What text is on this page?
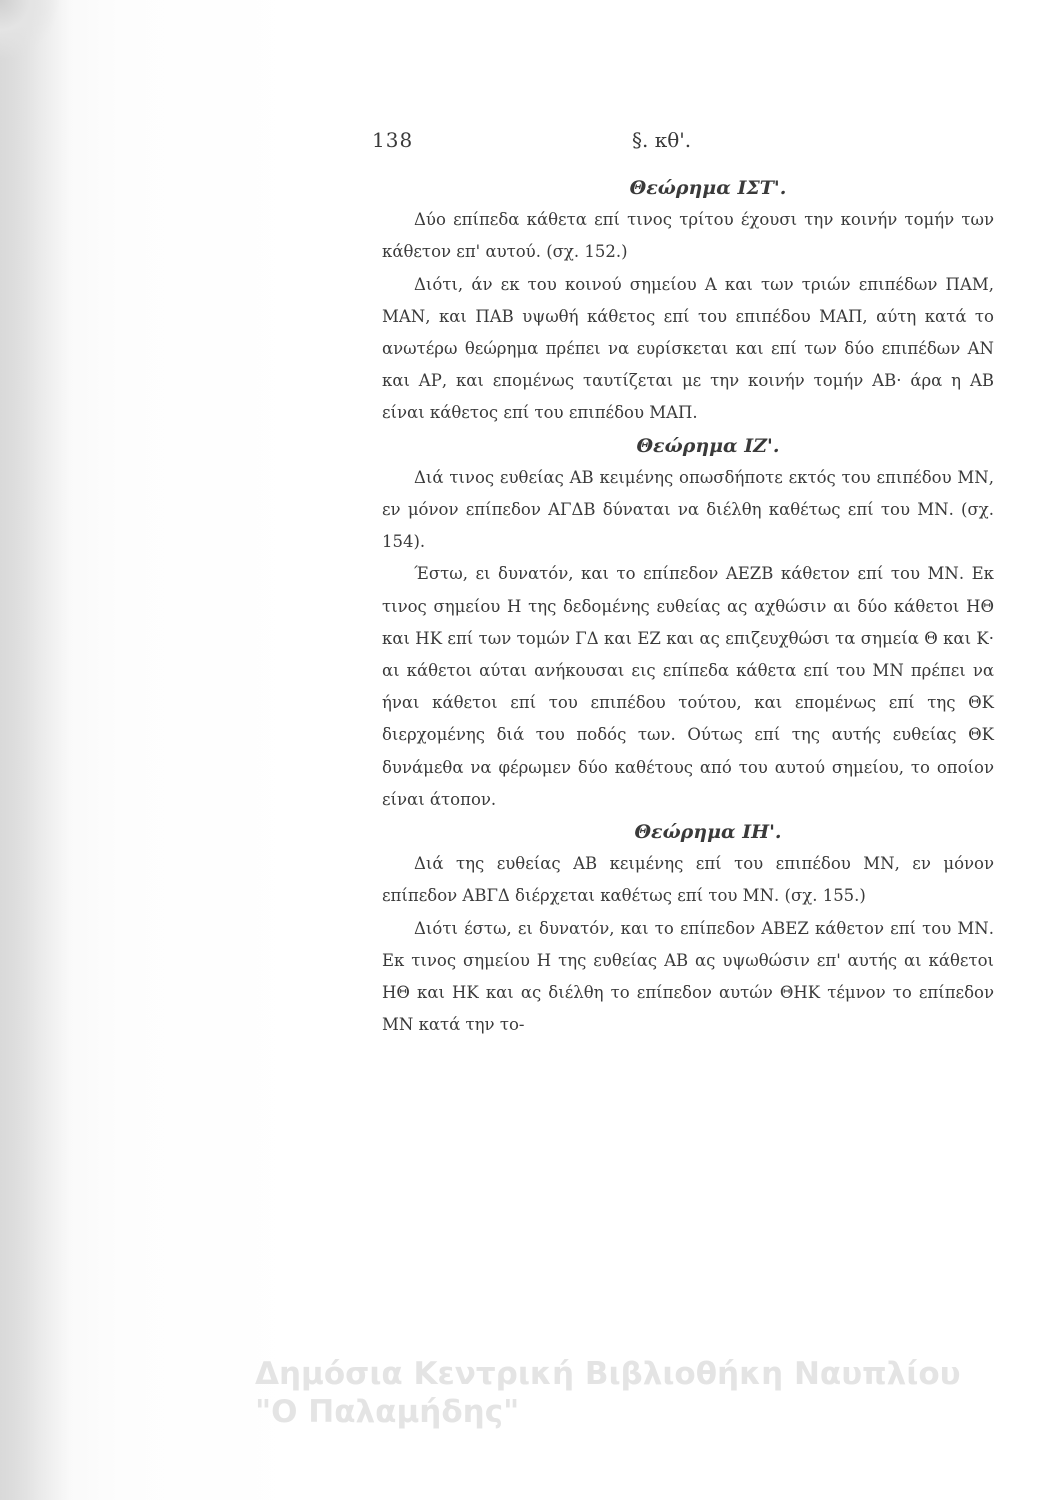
138	§. κθ'.
Θεώρημα ΙΣΤ'.

Δύο επίπεδα κάθετα επί τινος τρίτου έχουσι την κοινήν τομήν των κάθετον επ' αυτού. (σχ. 152.)

Διότι, άν εκ του κοινού σημείου Α και των τριών επιπέδων ΠΑΜ, ΜΑΝ, και ΠΑΒ υψωθή κάθετος επί του επιπέδου ΜΑΠ, αύτη κατά το ανωτέρω θεώρημα πρέπει να ευρίσκεται και επί των δύο επιπέδων ΑΝ και ΑΡ, και επομένως ταυτίζεται με την κοινήν τομήν ΑΒ· άρα η ΑΒ είναι κάθετος επί του επιπέδου ΜΑΠ.

Θεώρημα ΙΖ'.

Διά τινος ευθείας ΑΒ κειμένης οπωσδήποτε εκτός του επιπέδου ΜΝ, εν μόνον επίπεδον ΑΓΔΒ δύναται να διέλθη καθέτως επί του ΜΝ. (σχ. 154).

Έστω, ει δυνατόν, και το επίπεδον ΑΕΖΒ κάθετον επί του ΜΝ. Εκ τινος σημείου Η της δεδομένης ευθείας ας αχθώσιν αι δύο κάθετοι ΗΘ και ΗΚ επί των τομών ΓΔ και ΕΖ και ας επιζευχθώσι τα σημεία Θ και Κ· αι κάθετοι αύται ανήκουσαι εις επίπεδα κάθετα επί του ΜΝ πρέπει να ήναι κάθετοι επί του επιπέδου τούτου, και επομένως επί της ΘΚ διερχομένης διά του ποδός των. Ούτως επί της αυτής ευθείας ΘΚ δυνάμεθα να φέρωμεν δύο καθέτους από του αυτού σημείου, το οποίον είναι άτοπον.

Θεώρημα ΙΗ'.

Διά της ευθείας ΑΒ κειμένης επί του επιπέδου ΜΝ, εν μόνον επίπεδον ΑΒΓΔ διέρχεται καθέτως επί του ΜΝ. (σχ. 155.)

Διότι έστω, ει δυνατόν, και το επίπεδον ΑΒΕΖ κάθετον επί του ΜΝ. Εκ τινος σημείου Η της ευθείας ΑΒ ας υψωθώσιν επ' αυτής αι κάθετοι ΗΘ και ΗΚ και ας διέλθη το επίπεδον αυτών ΘΗΚ τέμνον το επίπεδον ΜΝ κατά την το-

Δημόσια Κεντρική Βιβλιοθήκη Ναυπλίου
"Ο Παλαμήδης"
